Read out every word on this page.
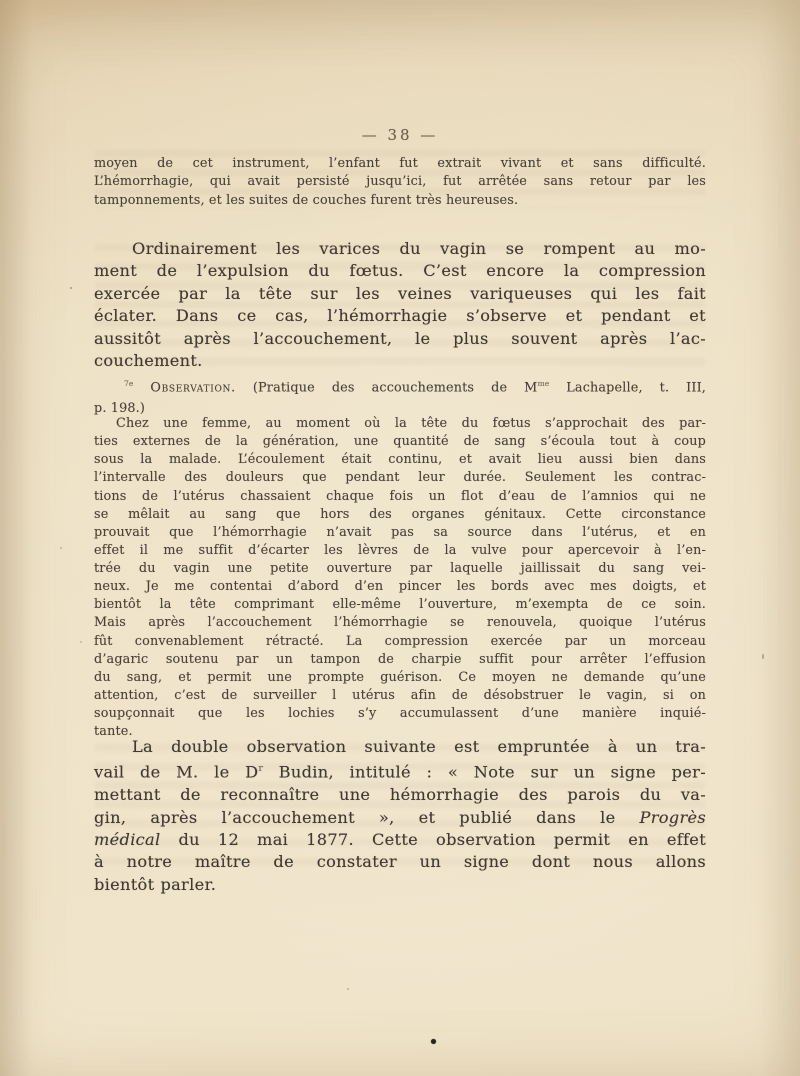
— 38 —
moyen de cet instrument, l’enfant fut extrait vivant et sans difficulté.
L’hémorrhagie, qui avait persisté jusqu’ici, fut arrêtée sans retour par les
tamponnements, et les suites de couches furent très heureuses.
Ordinairement les varices du vagin se rompent au mo-
ment de l’expulsion du fœtus. C’est encore la compression
exercée par la tête sur les veines variqueuses qui les fait
éclater. Dans ce cas, l’hémorrhagie s’observe et pendant et
aussitôt après l’accouchement, le plus souvent après l’ac-
couchement.
$^{7e}$ Observation. (Pratique des accouchements de $M^{me}$ Lachapelle, t. III,
p. 198.)
Chez une femme, au moment où la tête du fœtus s’approchait des par-
ties externes de la génération, une quantité de sang s’écoula tout à coup
sous la malade. L’écoulement était continu, et avait lieu aussi bien dans
l’intervalle des douleurs que pendant leur durée. Seulement les contrac-
tions de l’utérus chassaient chaque fois un flot d’eau de l’amnios qui ne
se mêlait au sang que hors des organes génitaux. Cette circonstance
prouvait que l’hémorrhagie n’avait pas sa source dans l’utérus, et en
effet il me suffit d’écarter les lèvres de la vulve pour apercevoir à l’en-
trée du vagin une petite ouverture par laquelle jaillissait du sang vei-
neux. Je me contentai d’abord d’en pincer les bords avec mes doigts, et
bientôt la tête comprimant elle-même l’ouverture, m’exempta de ce soin.
Mais après l’accouchement l’hémorrhagie se renouvela, quoique l’utérus
fût convenablement rétracté. La compression exercée par un morceau
d’agaric soutenu par un tampon de charpie suffit pour arrêter l’effusion
du sang, et permit une prompte guérison. Ce moyen ne demande qu’une
attention, c’est de surveiller l utérus afin de désobstruer le vagin, si on
soupçonnait que les lochies s’y accumulassent d’une manière inquié-
tante.
La double observation suivante est empruntée à un tra-
vail de M. le $D^r$ Budin, intitulé : « Note sur un signe per-
mettant de reconnaître une hémorrhagie des parois du va-
gin, après l’accouchement », et publié dans le Progrès
médical du 12 mai 1877. Cette observation permit en effet
à notre maître de constater un signe dont nous allons
bientôt parler.
